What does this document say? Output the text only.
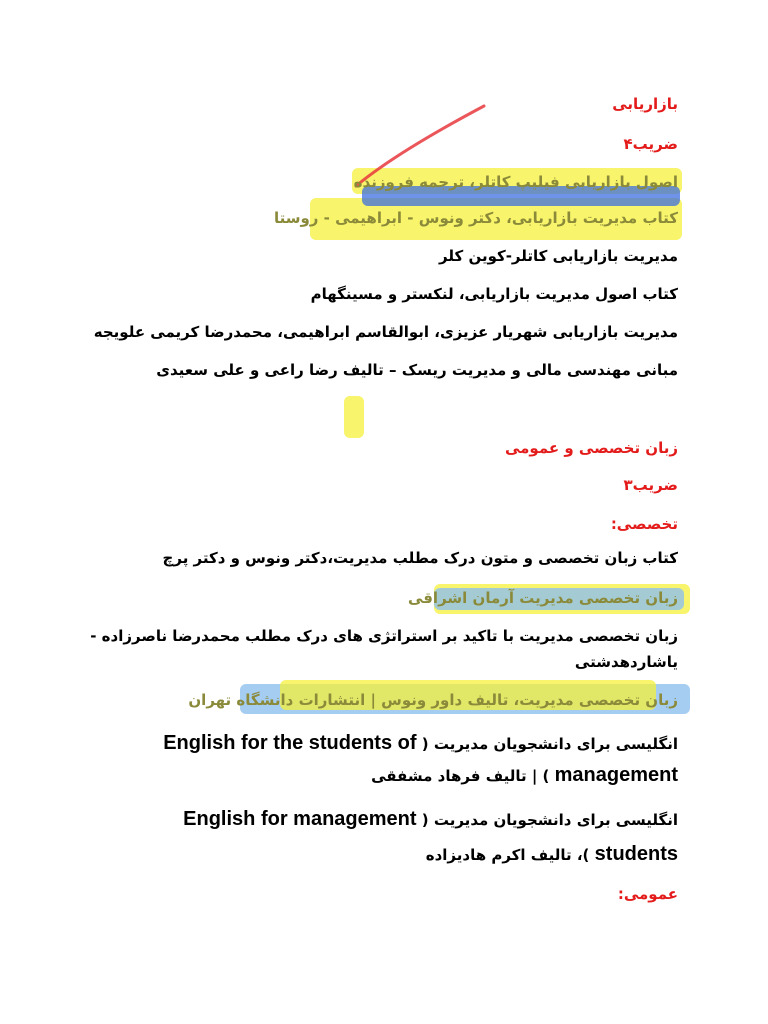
بازاریابی
ضریب۴
اصول بازاریابی فیلیپ کاتلر، ترجمه فروزنده
کتاب مدیریت بازاریابی، دکتر ونوس - ابراهیمی - روستا
مدیریت بازاریابی کاتلر-کوین کلر
کتاب اصول مدیریت بازاریابی، لنکستر و مسینگهام
مدیریت بازاریابی شهریار عزیزی، ابوالقاسم ابراهیمی، محمدرضا کریمی علویجه
مبانی مهندسی مالی و مدیریت ریسک – تالیف رضا راعی و علی سعیدی
زبان تخصصی و عمومی
ضریب۳
تخصصی:
کتاب زبان تخصصی و متون درک مطلب مدیریت،دکتر ونوس و دکتر پرچ
زبان تخصصی مدیریت آرمان اشراقی
زبان تخصصی مدیریت با تاکید بر استراتژی های درک مطلب محمدرضا ناصرزاده -
یاشاردهدشتی
زبان تخصصی مدیریت، تالیف داور ونوس | انتشارات دانشگاه تهران
انگلیسی برای دانشجویان مدیریت ( English for the students of
management ) | تالیف فرهاد مشفقی
انگلیسی برای دانشجویان مدیریت ( English for management
students )، تالیف اکرم هادیزاده
عمومی:
